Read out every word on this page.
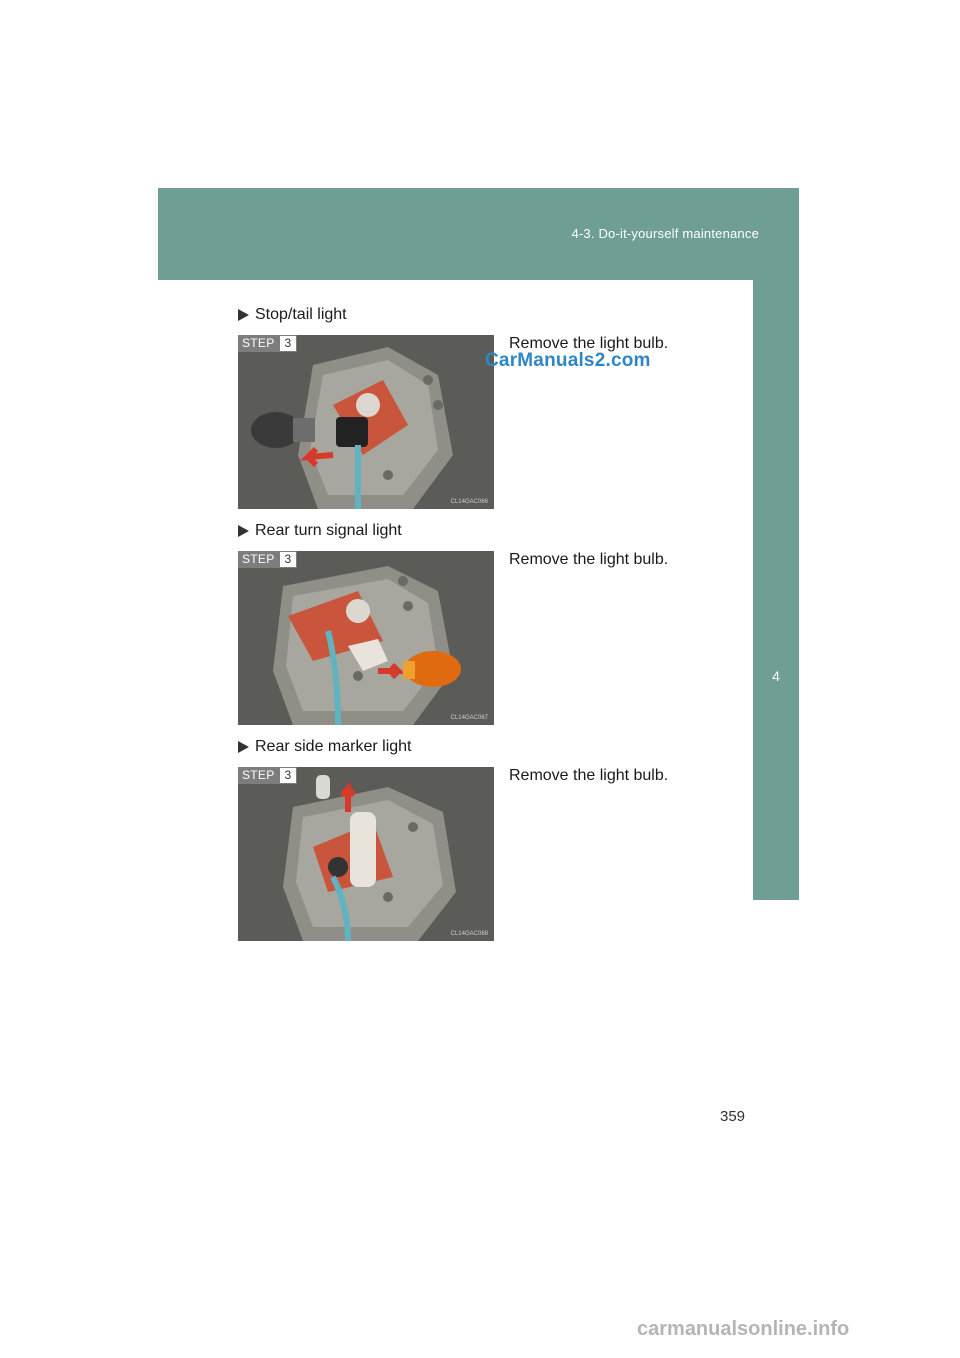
4-3. Do-it-yourself maintenance
4
Maintenance and care
Stop/tail light
STEP 3
CL14GAC066
Remove the light bulb.
Rear turn signal light
STEP 3
CL14GAC067
Remove the light bulb.
Rear side marker light
STEP 3
CL14GAC068
Remove the light bulb.
CarManuals2.com
359
carmanualsonline.info
